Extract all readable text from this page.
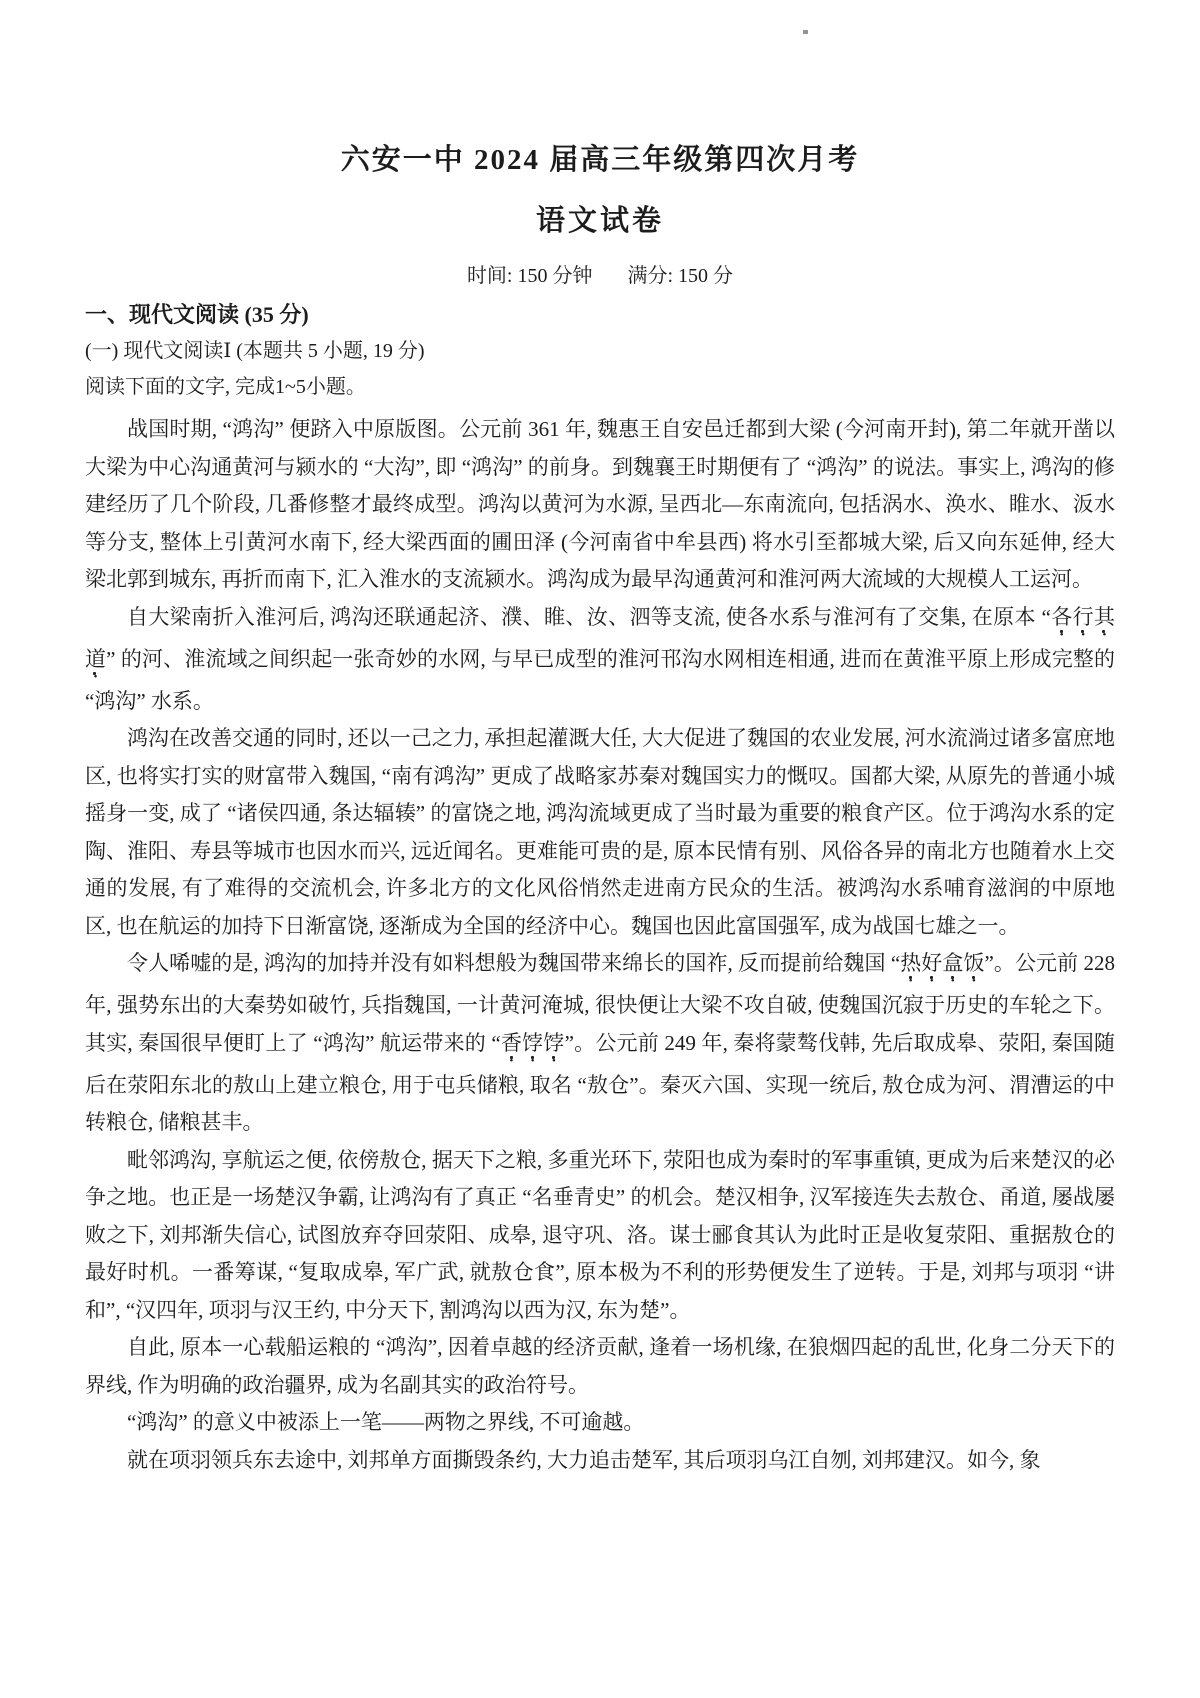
六安一中 2024 届高三年级第四次月考
语文试卷
时间: 150 分钟 满分: 150 分
一、现代文阅读 (35 分)
(一) 现代文阅读Ⅰ (本题共 5 小题, 19 分)
阅读下面的文字, 完成1~5小题。

战国时期, “鸿沟” 便跻入中原版图。公元前 361 年, 魏惠王自安邑迁都到大梁 (今河南开封), 第二年就开凿以大梁为中心沟通黄河与颍水的 “大沟”, 即 “鸿沟” 的前身。到魏襄王时期便有了 “鸿沟” 的说法。事实上, 鸿沟的修建经历了几个阶段, 几番修整才最终成型。鸿沟以黄河为水源, 呈西北—东南流向, 包括涡水、涣水、睢水、汳水等分支, 整体上引黄河水南下, 经大梁西面的圃田泽 (今河南省中牟县西) 将水引至都城大梁, 后又向东延伸, 经大梁北郭到城东, 再折而南下, 汇入淮水的支流颍水。鸿沟成为最早沟通黄河和淮河两大流域的大规模人工运河。

自大梁南折入淮河后, 鸿沟还联通起济、濮、睢、汝、泗等支流, 使各水系与淮河有了交集, 在原本 “各行其道” 的河、淮流域之间织起一张奇妙的水网, 与早已成型的淮河邗沟水网相连相通, 进而在黄淮平原上形成完整的 “鸿沟” 水系。

鸿沟在改善交通的同时, 还以一己之力, 承担起灌溉大任, 大大促进了魏国的农业发展, 河水流淌过诸多富庶地区, 也将实打实的财富带入魏国, “南有鸿沟” 更成了战略家苏秦对魏国实力的慨叹。国都大梁, 从原先的普通小城摇身一变, 成了 “诸侯四通, 条达辐辏” 的富饶之地, 鸿沟流域更成了当时最为重要的粮食产区。位于鸿沟水系的定陶、淮阳、寿县等城市也因水而兴, 远近闻名。更难能可贵的是, 原本民情有别、风俗各异的南北方也随着水上交通的发展, 有了难得的交流机会, 许多北方的文化风俗悄然走进南方民众的生活。被鸿沟水系哺育滋润的中原地区, 也在航运的加持下日渐富饶, 逐渐成为全国的经济中心。魏国也因此富国强军, 成为战国七雄之一。

令人唏嘘的是, 鸿沟的加持并没有如料想般为魏国带来绵长的国祚, 反而提前给魏国 “热好盒饭”。公元前 228 年, 强势东出的大秦势如破竹, 兵指魏国, 一计黄河淹城, 很快便让大梁不攻自破, 使魏国沉寂于历史的车轮之下。其实, 秦国很早便盯上了 “鸿沟” 航运带来的 “香饽饽”。公元前 249 年, 秦将蒙骜伐韩, 先后取成皋、荥阳, 秦国随后在荥阳东北的敖山上建立粮仓, 用于屯兵储粮, 取名 “敖仓”。秦灭六国、实现一统后, 敖仓成为河、渭漕运的中转粮仓, 储粮甚丰。

毗邻鸿沟, 享航运之便, 依傍敖仓, 据天下之粮, 多重光环下, 荥阳也成为秦时的军事重镇, 更成为后来楚汉的必争之地。也正是一场楚汉争霸, 让鸿沟有了真正 “名垂青史” 的机会。楚汉相争, 汉军接连失去敖仓、甬道, 屡战屡败之下, 刘邦渐失信心, 试图放弃夺回荥阳、成皋, 退守巩、洛。谋士郦食其认为此时正是收复荥阳、重据敖仓的最好时机。一番筹谋, “复取成皋, 军广武, 就敖仓食”, 原本极为不利的形势便发生了逆转。于是, 刘邦与项羽 “讲和”, “汉四年, 项羽与汉王约, 中分天下, 割鸿沟以西为汉, 东为楚”。

自此, 原本一心载船运粮的 “鸿沟”, 因着卓越的经济贡献, 逢着一场机缘, 在狼烟四起的乱世, 化身二分天下的界线, 作为明确的政治疆界, 成为名副其实的政治符号。

“鸿沟” 的意义中被添上一笔——两物之界线, 不可逾越。

就在项羽领兵东去途中, 刘邦单方面撕毁条约, 大力追击楚军, 其后项羽乌江自刎, 刘邦建汉。如今, 象
